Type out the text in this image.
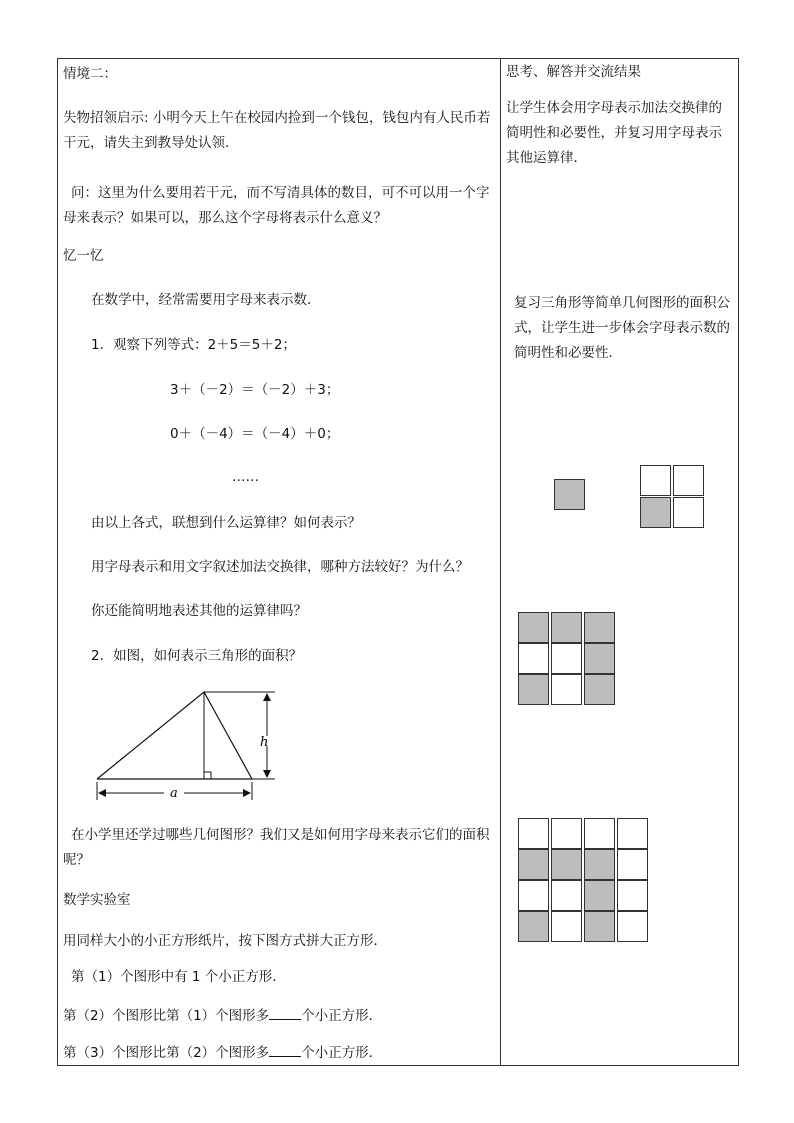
情境二：
失物招领启示: 小明今天上午在校园内捡到一个钱包，钱包内有人民币若干元，请失主到教导处认领．
问：这里为什么要用若干元，而不写清具体的数目，可不可以用一个字母来表示？如果可以，那么这个字母将表示什么意义？
忆一忆
在数学中，经常需要用字母来表示数．
1．观察下列等式：2＋5＝5＋2；
3＋（－2）＝（－2）＋3；
0＋（－4）＝（－4）＋0；
……
由以上各式，联想到什么运算律？如何表示？
用字母表示和用文字叙述加法交换律，哪种方法较好？为什么？
你还能简明地表述其他的运算律吗？
2．如图，如何表示三角形的面积？
h
a
在小学里还学过哪些几何图形？我们又是如何用字母来表示它们的面积呢？
数学实验室
用同样大小的小正方形纸片，按下图方式拼大正方形．
第（1）个图形中有 1 个小正方形．
第（2）个图形比第（1）个图形多 个小正方形．
第（3）个图形比第（2）个图形多 个小正方形．
思考、解答并交流结果
让学生体会用字母表示加法交换律的简明性和必要性，并复习用字母表示其他运算律．
复习三角形等简单几何图形的面积公式，让学生进一步体会字母表示数的简明性和必要性．
